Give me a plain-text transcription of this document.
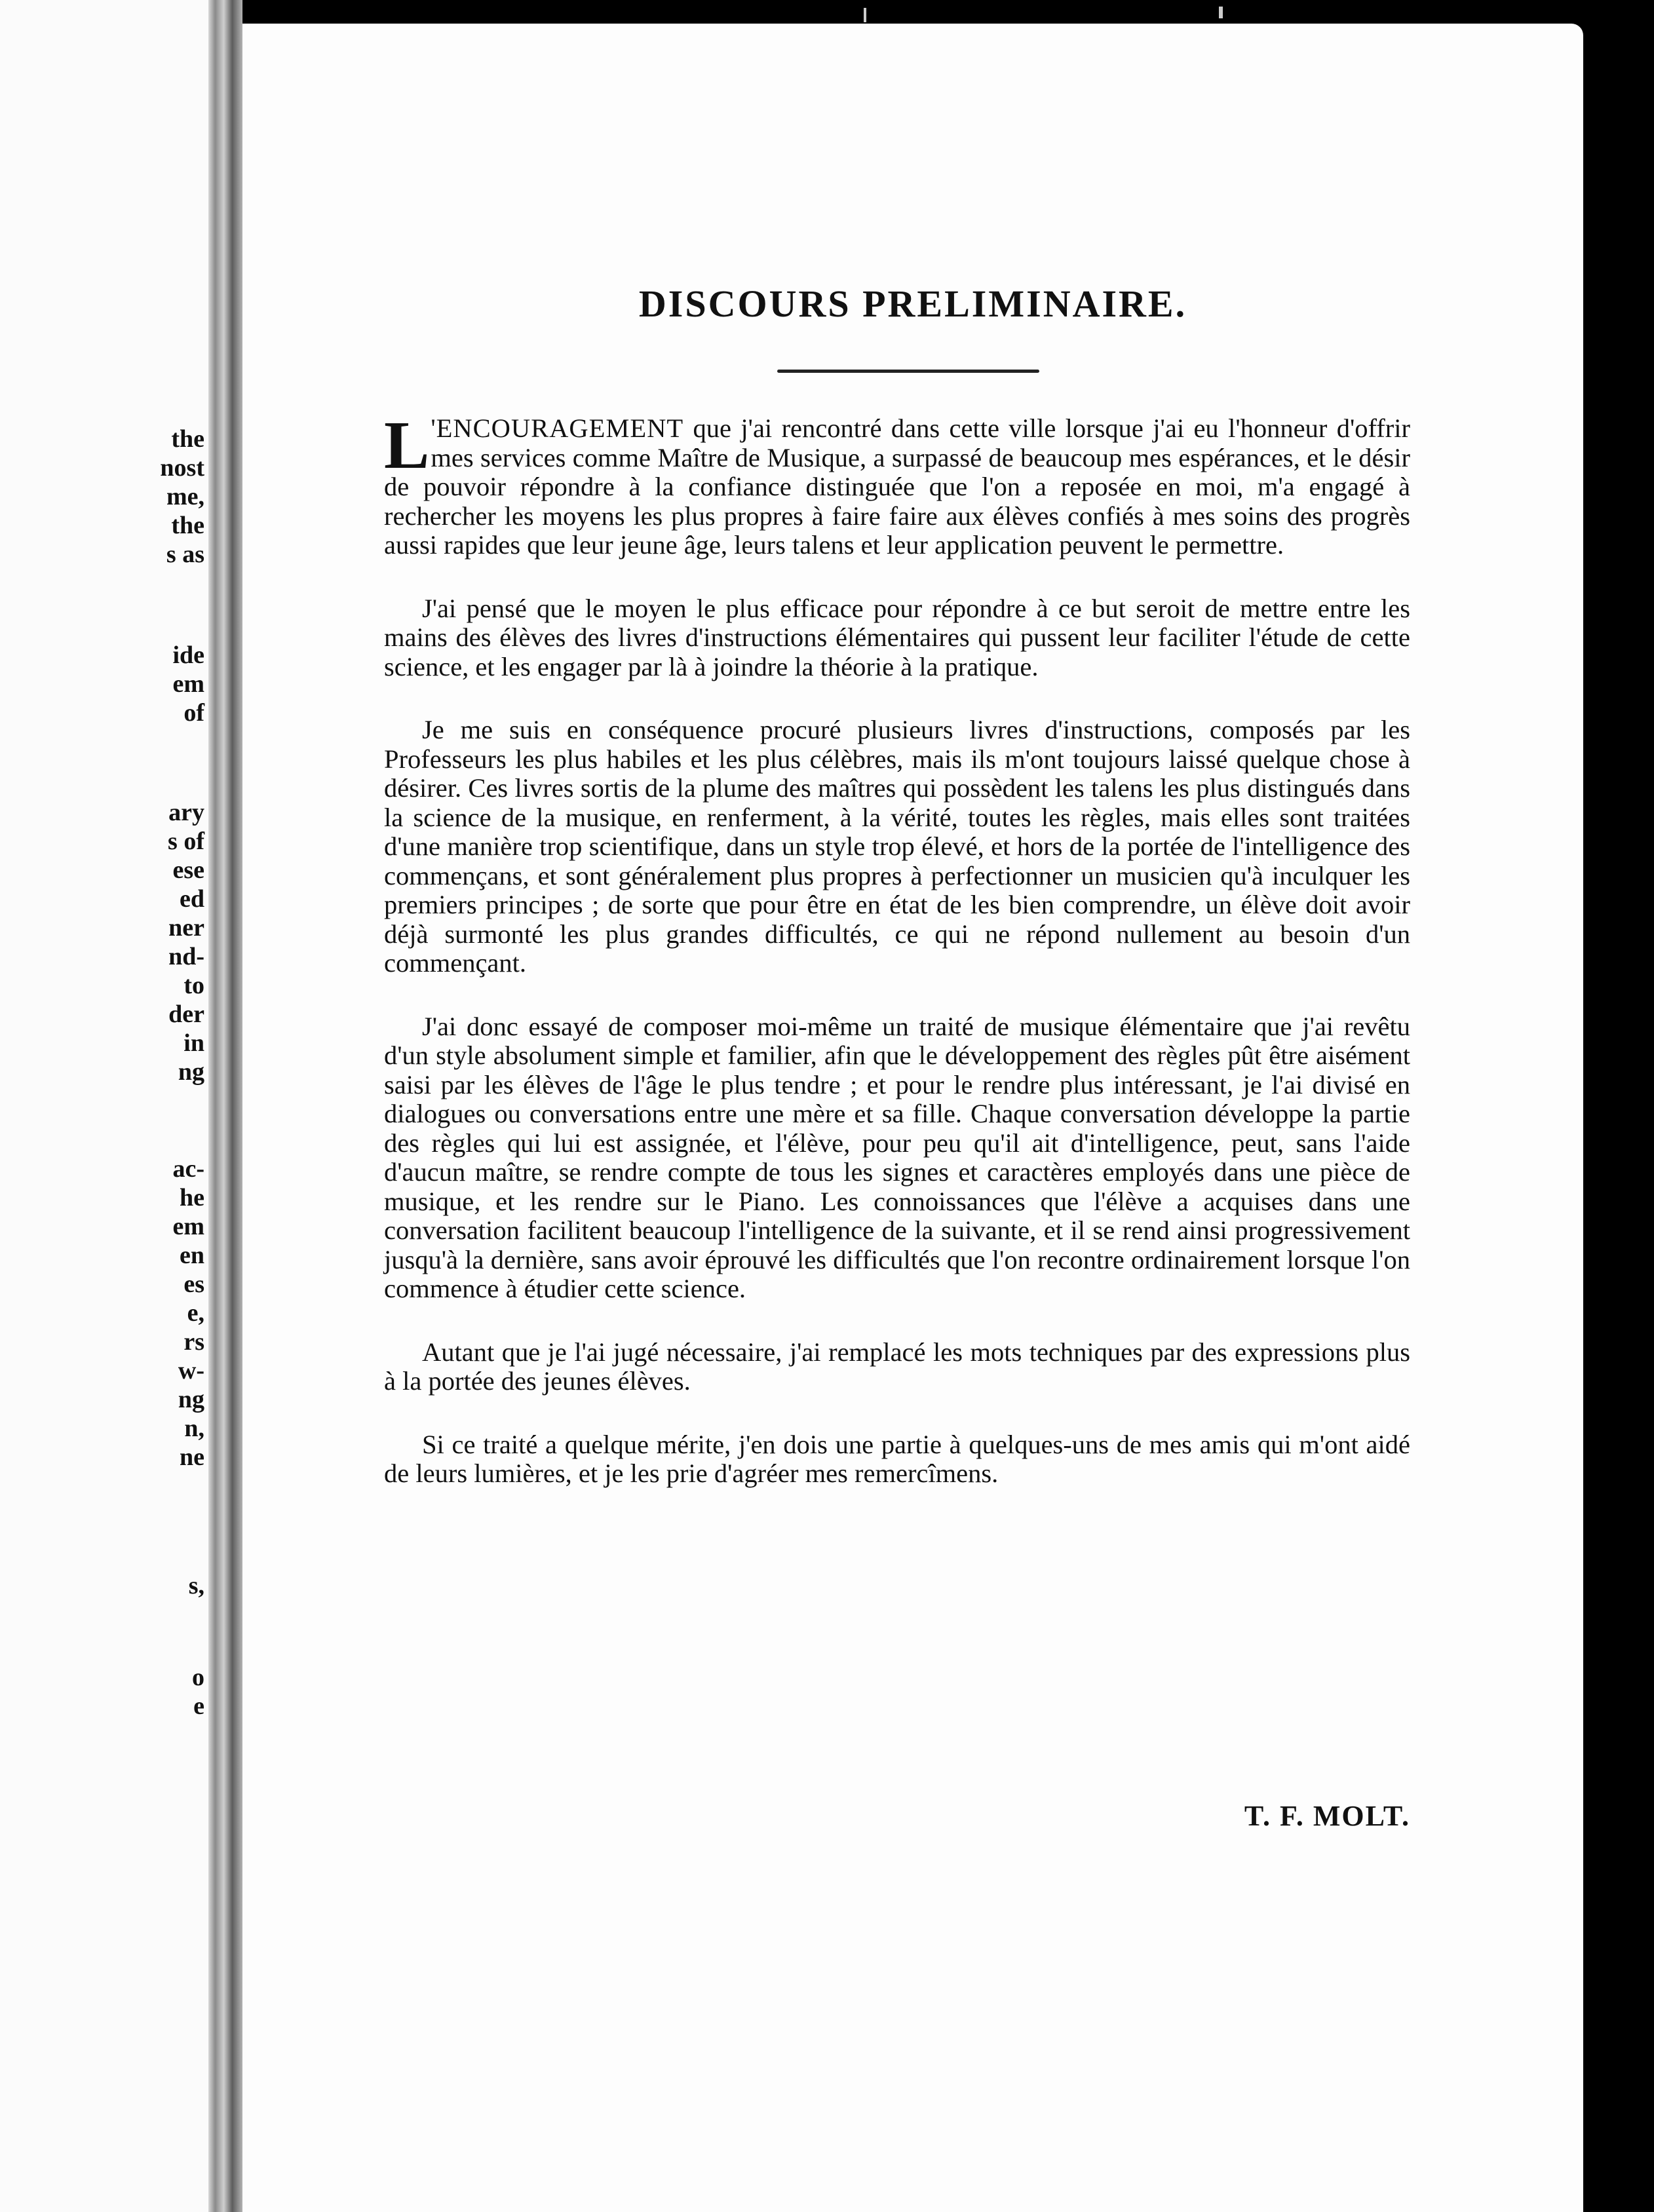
the
nost
me,
the
s as
ide
em
of
ary
s of
ese
ed
ner
nd-
to
der
in
ng
ac-
he
em
en
es
e,
rs
w-
ng
n,
ne
s,
o
e
DISCOURS PRELIMINAIRE.

L 'ENCOURAGEMENT que j'ai rencontré dans cette ville lorsque j'ai eu l'honneur d'offrir mes services comme Maître de Musique, a surpassé de beaucoup mes espérances, et le désir de pouvoir répondre à la confiance distinguée que l'on a reposée en moi, m'a engagé à rechercher les moyens les plus propres à faire faire aux élèves confiés à mes soins des progrès aussi rapides que leur jeune âge, leurs talens et leur application peuvent le permettre.

J'ai pensé que le moyen le plus efficace pour répondre à ce but seroit de mettre entre les mains des élèves des livres d'instructions élémentaires qui pussent leur faciliter l'étude de cette science, et les engager par là à joindre la théorie à la pratique.

Je me suis en conséquence procuré plusieurs livres d'instructions, composés par les Professeurs les plus habiles et les plus célèbres, mais ils m'ont toujours laissé quelque chose à désirer. Ces livres sortis de la plume des maîtres qui possèdent les talens les plus distingués dans la science de la musique, en renferment, à la vérité, toutes les règles, mais elles sont traitées d'une manière trop scientifique, dans un style trop élevé, et hors de la portée de l'intelligence des commençans, et sont généralement plus propres à perfectionner un musicien qu'à inculquer les premiers principes ; de sorte que pour être en état de les bien comprendre, un élève doit avoir déjà surmonté les plus grandes difficultés, ce qui ne répond nullement au besoin d'un commençant.

J'ai donc essayé de composer moi-même un traité de musique élémentaire que j'ai revêtu d'un style absolument simple et familier, afin que le développement des règles pût être aisément saisi par les élèves de l'âge le plus tendre ; et pour le rendre plus intéressant, je l'ai divisé en dialogues ou conversations entre une mère et sa fille. Chaque conversation développe la partie des règles qui lui est assignée, et l'élève, pour peu qu'il ait d'intelligence, peut, sans l'aide d'aucun maître, se rendre compte de tous les signes et caractères employés dans une pièce de musique, et les rendre sur le Piano. Les connoissances que l'élève a acquises dans une conversation facilitent beaucoup l'intelligence de la suivante, et il se rend ainsi progressivement jusqu'à la dernière, sans avoir éprouvé les difficultés que l'on recontre ordinairement lorsque l'on commence à étudier cette science.

Autant que je l'ai jugé nécessaire, j'ai remplacé les mots techniques par des expressions plus à la portée des jeunes élèves.

Si ce traité a quelque mérite, j'en dois une partie à quelques-uns de mes amis qui m'ont aidé de leurs lumières, et je les prie d'agréer mes remercîmens.

T. F. MOLT.
